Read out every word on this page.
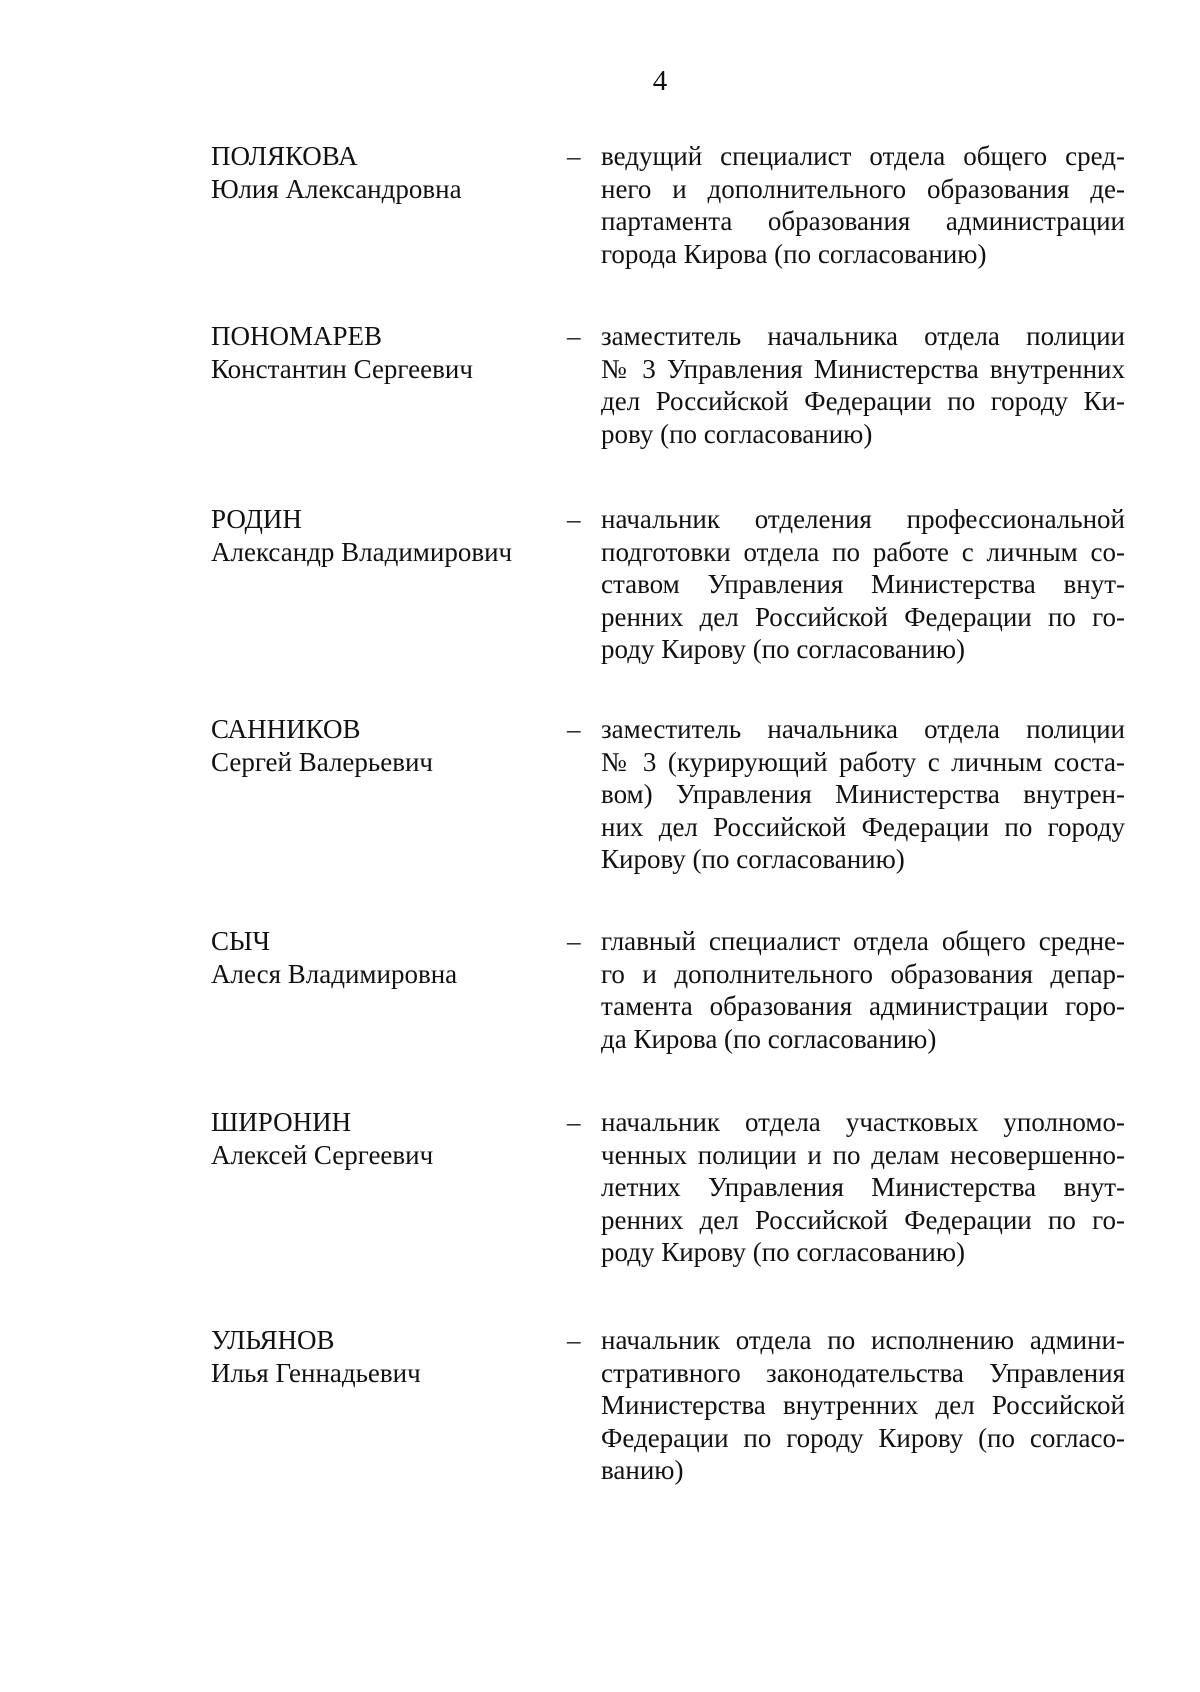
4
ПОЛЯКОВА
Юлия Александровна
– ведущий специалист отдела общего сред-
него и дополнительного образования де-
партамента образования администрации
города Кирова (по согласованию)
ПОНОМАРЕВ
Константин Сергеевич
– заместитель начальника отдела полиции
№ 3 Управления Министерства внутренних
дел Российской Федерации по городу Ки-
рову (по согласованию)
РОДИН
Александр Владимирович
– начальник отделения профессиональной
подготовки отдела по работе с личным со-
ставом Управления Министерства внут-
ренних дел Российской Федерации по го-
роду Кирову (по согласованию)
САННИКОВ
Сергей Валерьевич
– заместитель начальника отдела полиции
№ 3 (курирующий работу с личным соста-
вом) Управления Министерства внутрен-
них дел Российской Федерации по городу
Кирову (по согласованию)
СЫЧ
Алеся Владимировна
– главный специалист отдела общего средне-
го и дополнительного образования депар-
тамента образования администрации горо-
да Кирова (по согласованию)
ШИРОНИН
Алексей Сергеевич
– начальник отдела участковых уполномо-
ченных полиции и по делам несовершенно-
летних Управления Министерства внут-
ренних дел Российской Федерации по го-
роду Кирову (по согласованию)
УЛЬЯНОВ
Илья Геннадьевич
– начальник отдела по исполнению админи-
стративного законодательства Управления
Министерства внутренних дел Российской
Федерации по городу Кирову (по согласо-
ванию)
